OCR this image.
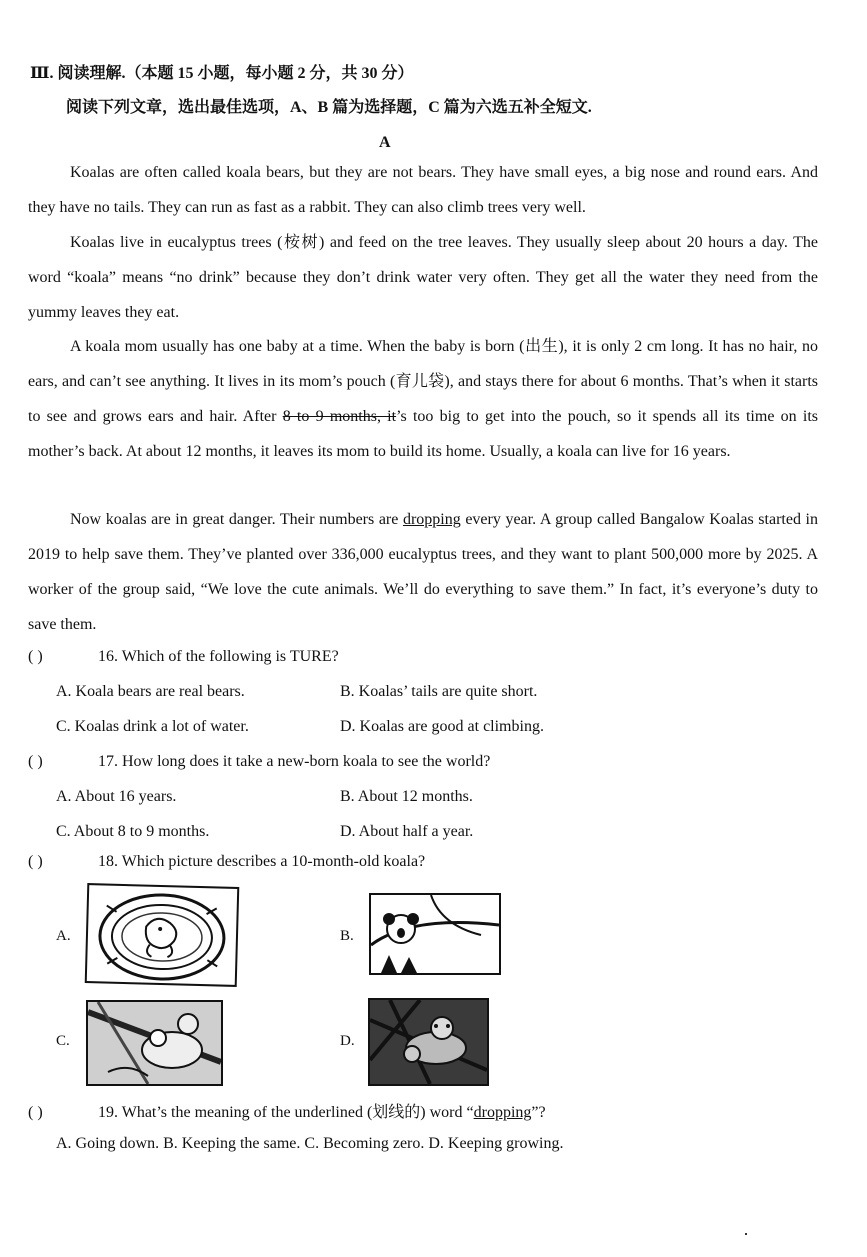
Ⅲ. 阅读理解.（本题 15 小题，每小题 2 分，共 30 分）
阅读下列文章，选出最佳选项，A、B 篇为选择题，C 篇为六选五补全短文.
A
Koalas are often called koala bears, but they are not bears. They have small eyes, a big nose and round ears. And they have no tails. They can run as fast as a rabbit. They can also climb trees very well.
Koalas live in eucalyptus trees (桉树) and feed on the tree leaves. They usually sleep about 20 hours a day. The word “koala” means “no drink” because they don’t drink water very often. They get all the water they need from the yummy leaves they eat.
A koala mom usually has one baby at a time. When the baby is born (出生), it is only 2 cm long. It has no hair, no ears, and can’t see anything. It lives in its mom’s pouch (育儿袋), and stays there for about 6 months. That’s when it starts to see and grows ears and hair. After 8 to 9 months, it’s too big to get into the pouch, so it spends all its time on its mother’s back. At about 12 months, it leaves its mom to build its home. Usually, a koala can live for 16 years.
Now koalas are in great danger. Their numbers are dropping every year. A group called Bangalow Koalas started in 2019 to help save them. They’ve planted over 336,000 eucalyptus trees, and they want to plant 500,000 more by 2025. A worker of the group said, “We love the cute animals. We’ll do everything to save them.” In fact, it’s everyone’s duty to save them.
( )	16. Which of the following is TURE?
A. Koala bears are real bears.	B. Koalas’ tails are quite short.
C. Koalas drink a lot of water.	D. Koalas are good at climbing.
( )	17. How long does it take a new-born koala to see the world?
A. About 16 years.	B. About 12 months.
C. About 8 to 9 months.	D. About half a year.
( )	18. Which picture describes a 10-month-old koala?
A.	B.
C.	D.
( )	19. What’s the meaning of the underlined (划线的) word “dropping”?
A. Going down. B. Keeping the same. C. Becoming zero. D. Keeping growing.
